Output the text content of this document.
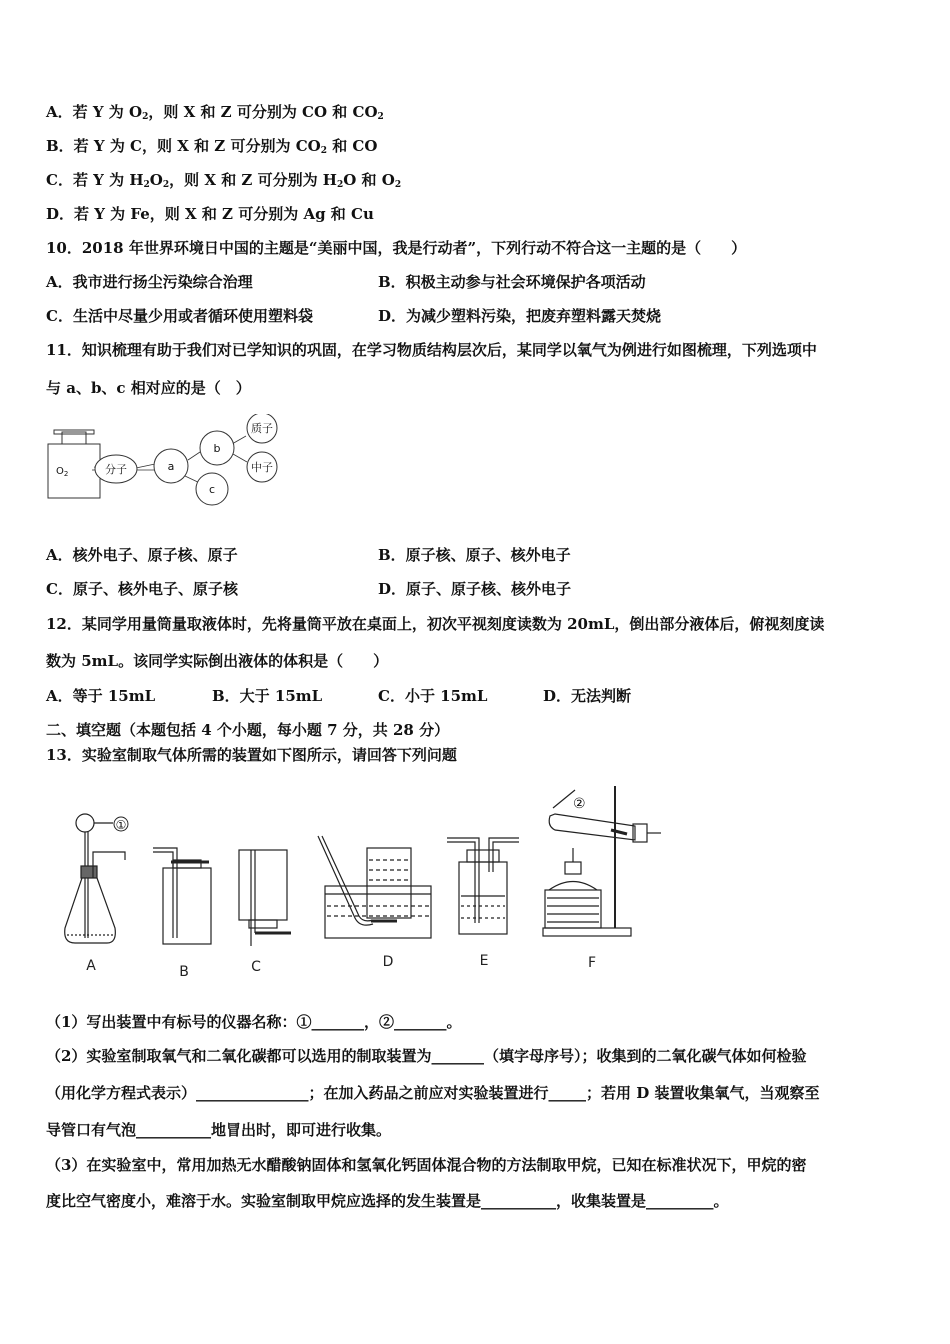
A．若 Y 为 $O_2$，则 X 和 Z 可分别为 CO 和 $CO_2$
B．若 Y 为 C，则 X 和 Z 可分别为 $CO_2$ 和 CO
C．若 Y 为 $H_2O_2$，则 X 和 Z 可分别为 $H_2O$ 和 $O_2$
D．若 Y 为 Fe，则 X 和 Z 可分别为 Ag 和 Cu
10．2018 年世界环境日中国的主题是“美丽中国，我是行动者”，下列行动不符合这一主题的是（　　）
A．我市进行扬尘污染综合治理	B．积极主动参与社会环境保护各项活动
C．生活中尽量少用或者循环使用塑料袋	D．为减少塑料污染，把废弃塑料露天焚烧
11．知识梳理有助于我们对已学知识的巩固，在学习物质结构层次后，某同学以氧气为例进行如图梳理，下列选项中
与 a、b、c 相对应的是（　）
$O_2$	分子	a
b
c
质子
中子
A．核外电子、原子核、原子	B．原子核、原子、核外电子
C．原子、核外电子、原子核	D．原子、原子核、核外电子
12．某同学用量筒量取液体时，先将量筒平放在桌面上，初次平视刻度读数为 20mL，倒出部分液体后，俯视刻度读
数为 5mL。该同学实际倒出液体的体积是（　　）
A．等于 15mL	B．大于 15mL	C．小于 15mL	D．无法判断
二、填空题（本题包括 4 个小题，每小题 7 分，共 28 分）
13．实验室制取气体所需的装置如下图所示，请回答下列问题
①
②
A	B	C	D	E	F
（1）写出装置中有标号的仪器名称：①_______，②_______。
（2）实验室制取氧气和二氧化碳都可以选用的制取装置为_______（填字母序号）；收集到的二氧化碳气体如何检验
（用化学方程式表示）_______________；在加入药品之前应对实验装置进行_____；若用 D 装置收集氧气，当观察至
导管口有气泡__________地冒出时，即可进行收集。
（3）在实验室中，常用加热无水醋酸钠固体和氢氧化钙固体混合物的方法制取甲烷，已知在标准状况下，甲烷的密
度比空气密度小，难溶于水。实验室制取甲烷应选择的发生装置是__________，收集装置是_________。
